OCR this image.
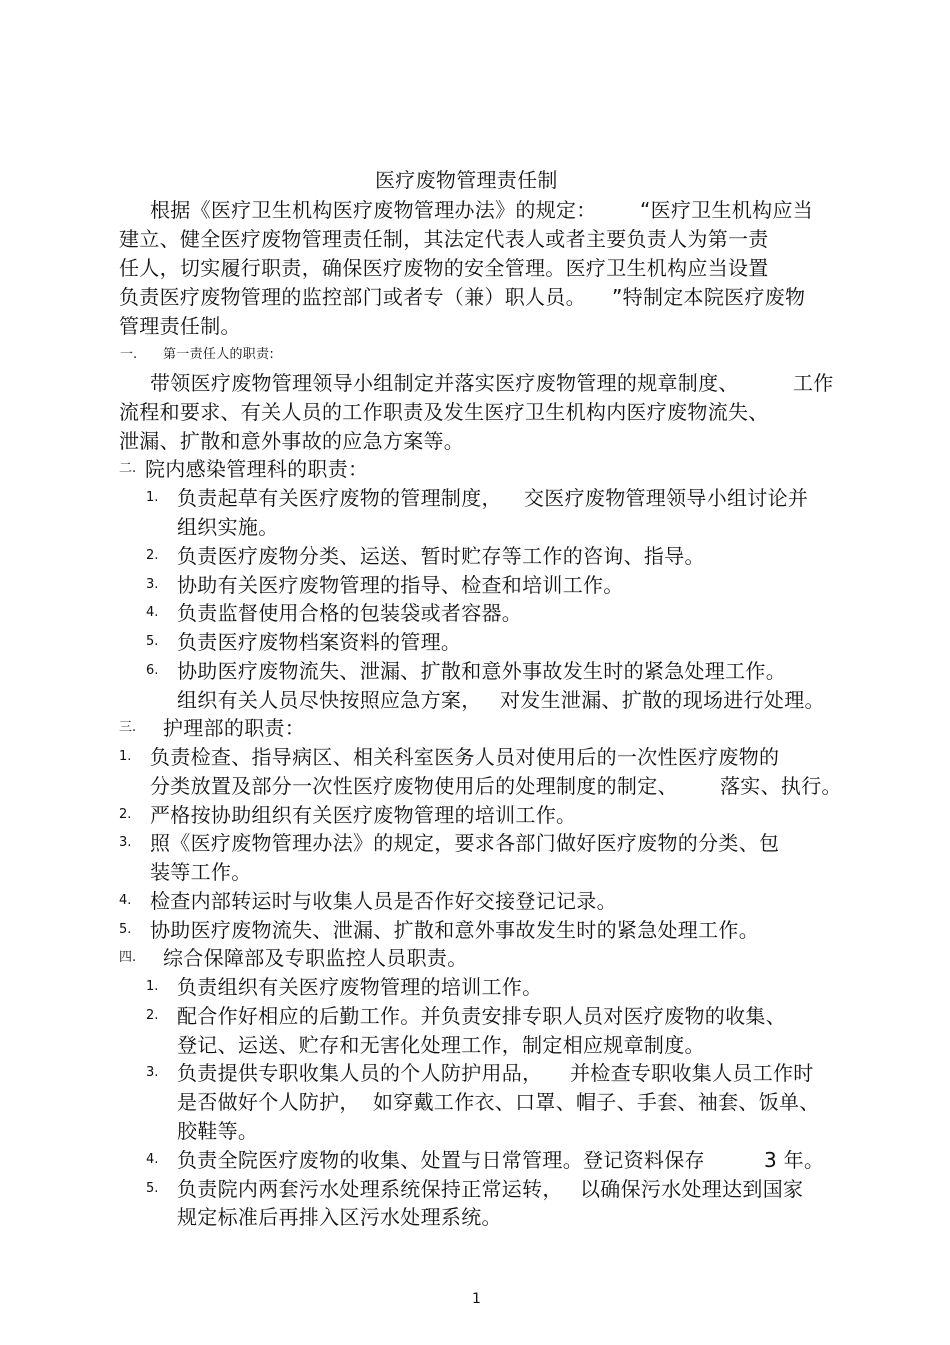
医疗废物管理责任制
根据《医疗卫生机构医疗废物管理办法》的规定： “医疗卫生机构应当
建立、健全医疗废物管理责任制，其法定代表人或者主要负责人为第一责
任人，切实履行职责，确保医疗废物的安全管理。医疗卫生机构应当设置
负责医疗废物管理的监控部门或者专（兼）职人员。 ”特制定本院医疗废物
管理责任制。
一. 第一责任人的职责:
带领医疗废物管理领导小组制定并落实医疗废物管理的规章制度、	工作
流程和要求、有关人员的工作职责及发生医疗卫生机构内医疗废物流失、
泄漏、扩散和意外事故的应急方案等。
二. 院内感染管理科的职责：
1. 负责起草有关医疗废物的管理制度， 交医疗废物管理领导小组讨论并
组织实施。
2. 负责医疗废物分类、运送、暂时贮存等工作的咨询、指导。
3. 协助有关医疗废物管理的指导、检查和培训工作。
4. 负责监督使用合格的包装袋或者容器。
5. 负责医疗废物档案资料的管理。
6. 协助医疗废物流失、泄漏、扩散和意外事故发生时的紧急处理工作。
组织有关人员尽快按照应急方案， 对发生泄漏、扩散的现场进行处理。
三. 护理部的职责：
1. 负责检查、指导病区、相关科室医务人员对使用后的一次性医疗废物的
分类放置及部分一次性医疗废物使用后的处理制度的制定、 落实、执行。
2. 严格按协助组织有关医疗废物管理的培训工作。
3. 照《医疗废物管理办法》的规定，要求各部门做好医疗废物的分类、包
装等工作。
4. 检查内部转运时与收集人员是否作好交接登记记录。
5. 协助医疗废物流失、泄漏、扩散和意外事故发生时的紧急处理工作。
四. 综合保障部及专职监控人员职责。
1. 负责组织有关医疗废物管理的培训工作。
2. 配合作好相应的后勤工作。并负责安排专职人员对医疗废物的收集、
登记、运送、贮存和无害化处理工作，制定相应规章制度。
3. 负责提供专职收集人员的个人防护用品， 并检查专职收集人员工作时
是否做好个人防护， 如穿戴工作衣、口罩、帽子、手套、袖套、饭单、
胶鞋等。
4. 负责全院医疗废物的收集、处置与日常管理。登记资料保存	3 年。
5. 负责院内两套污水处理系统保持正常运转， 以确保污水处理达到国家
规定标准后再排入区污水处理系统。
1
